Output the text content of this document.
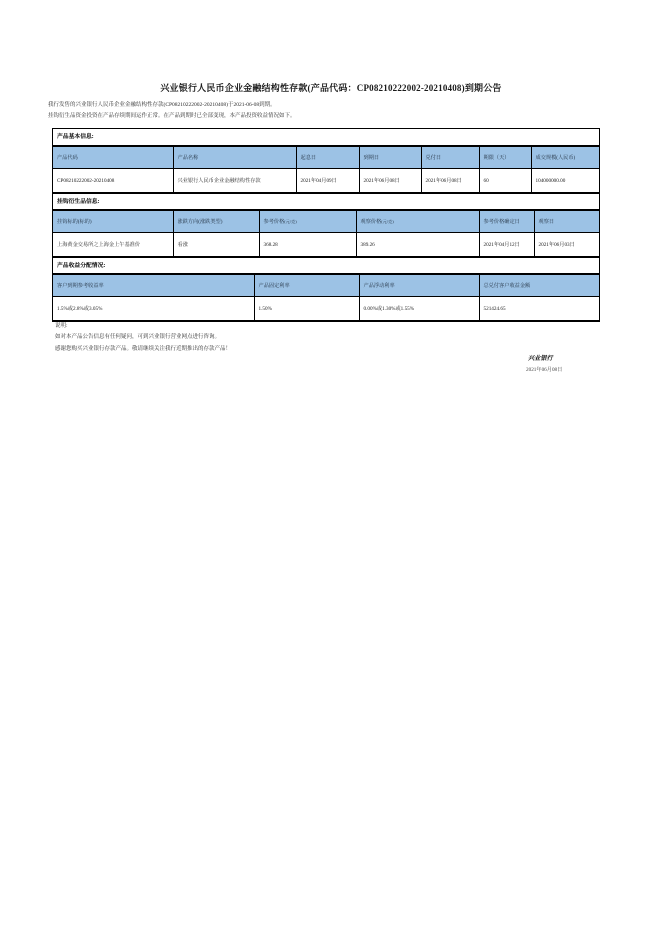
兴业银行人民币企业金融结构性存款(产品代码：CP08210222002-20210408)到期公告
我行发售的兴业银行人民币企业金融结构性存款(CP08210222002-20210408)于2021-06-08到期。
挂钩衍生品资金投资在产品存续期间运作正常。在产品到期时已全部变现，本产品投资收益情况如下。
产品基本信息:
产品代码	产品名称	起息日	到期日	兑付日	期限（天）	成交规模(人民币)
CP08210222002-20210408	兴业银行人民币企业金融结构性存款	2021年04月09日	2021年06月08日	2021年06月08日	60	104000000.00
挂钩衍生品信息:
挂钩标的(标的)	涨跌方向(涨跌类型)	参考价格(元/克)	观察价格(元/克)	参考价格确定日	观察日
上海黄金交易所之上海金上午基准价	看涨	368.28	389.26	2021年04月12日	2021年06月03日
产品收益分配情况:
客户到期参考收益率	产品固定利率	产品浮动利率	总兑付客户收益金额
1.5%或2.8%或3.05%	1.50%	0.00%或1.30%或1.55%	521424.65
说明:
如对本产品公告信息有任何疑问，可到兴业银行营业网点进行咨询。
感谢您购买兴业银行存款产品。敬请继续关注我行近期推出的存款产品！
兴业银行
2021年06月08日
